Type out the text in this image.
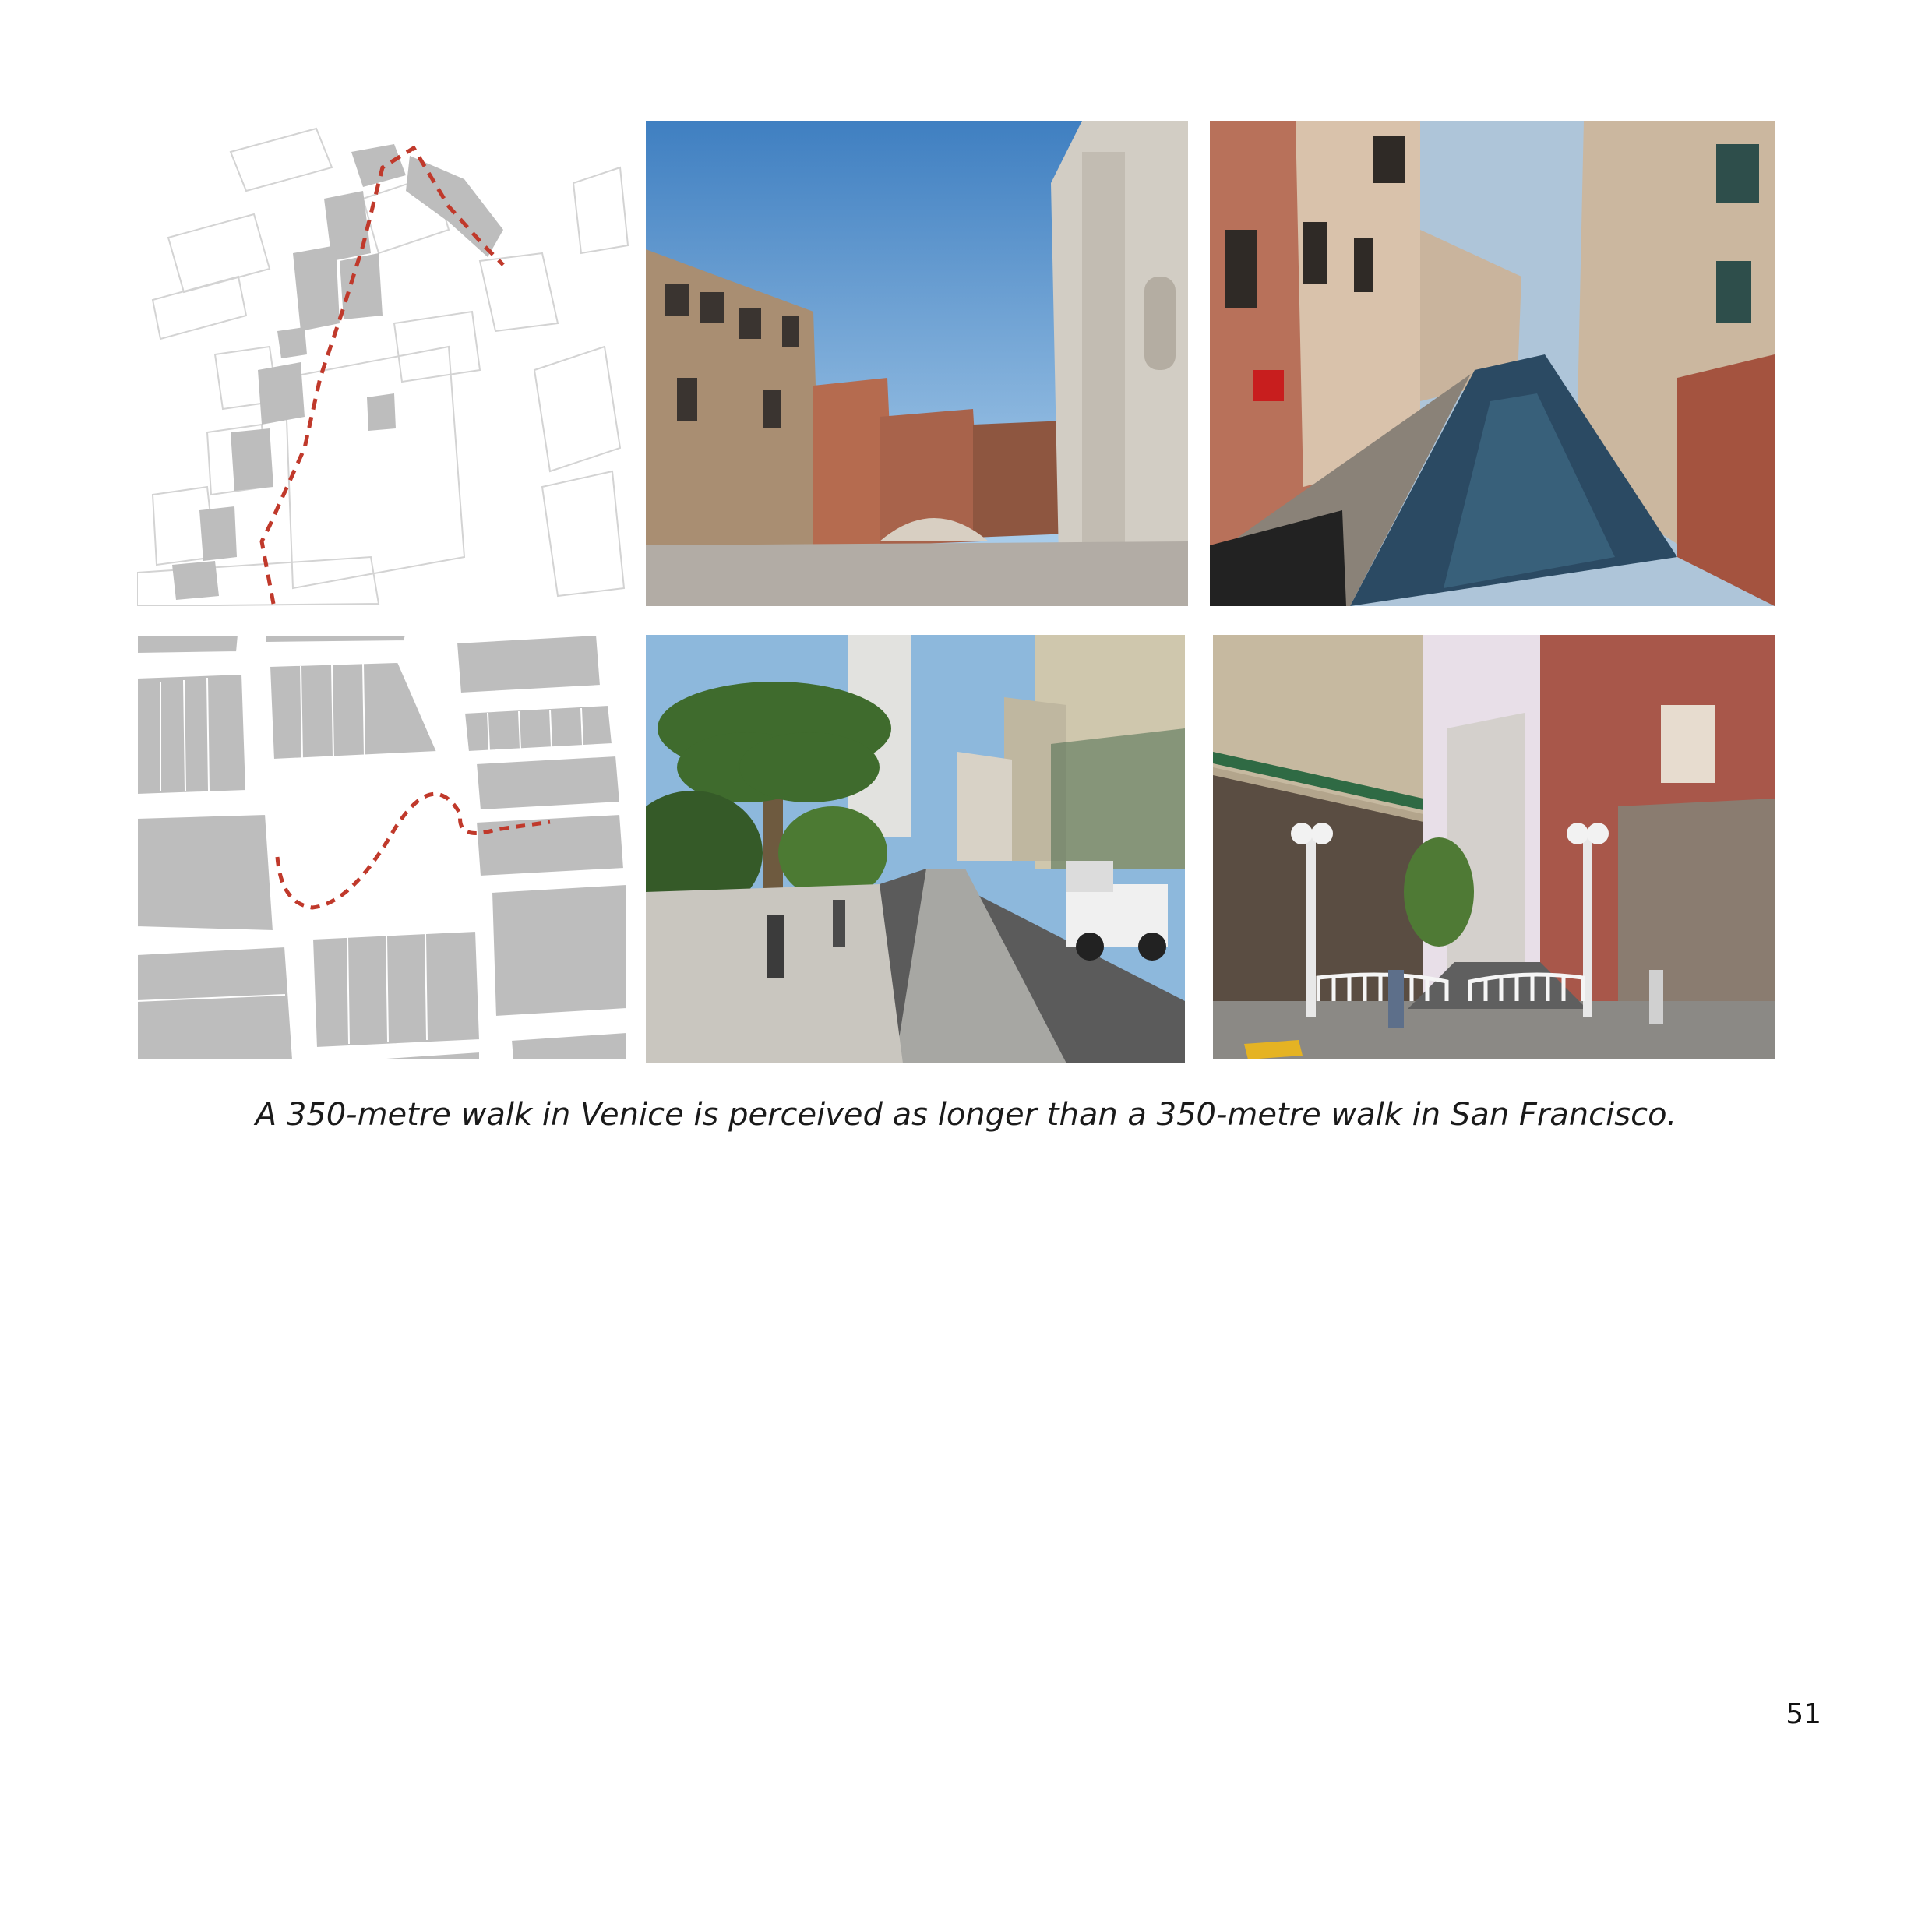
A 350-metre walk in Venice is perceived as longer than a 350-metre walk in San Francisco.
51
